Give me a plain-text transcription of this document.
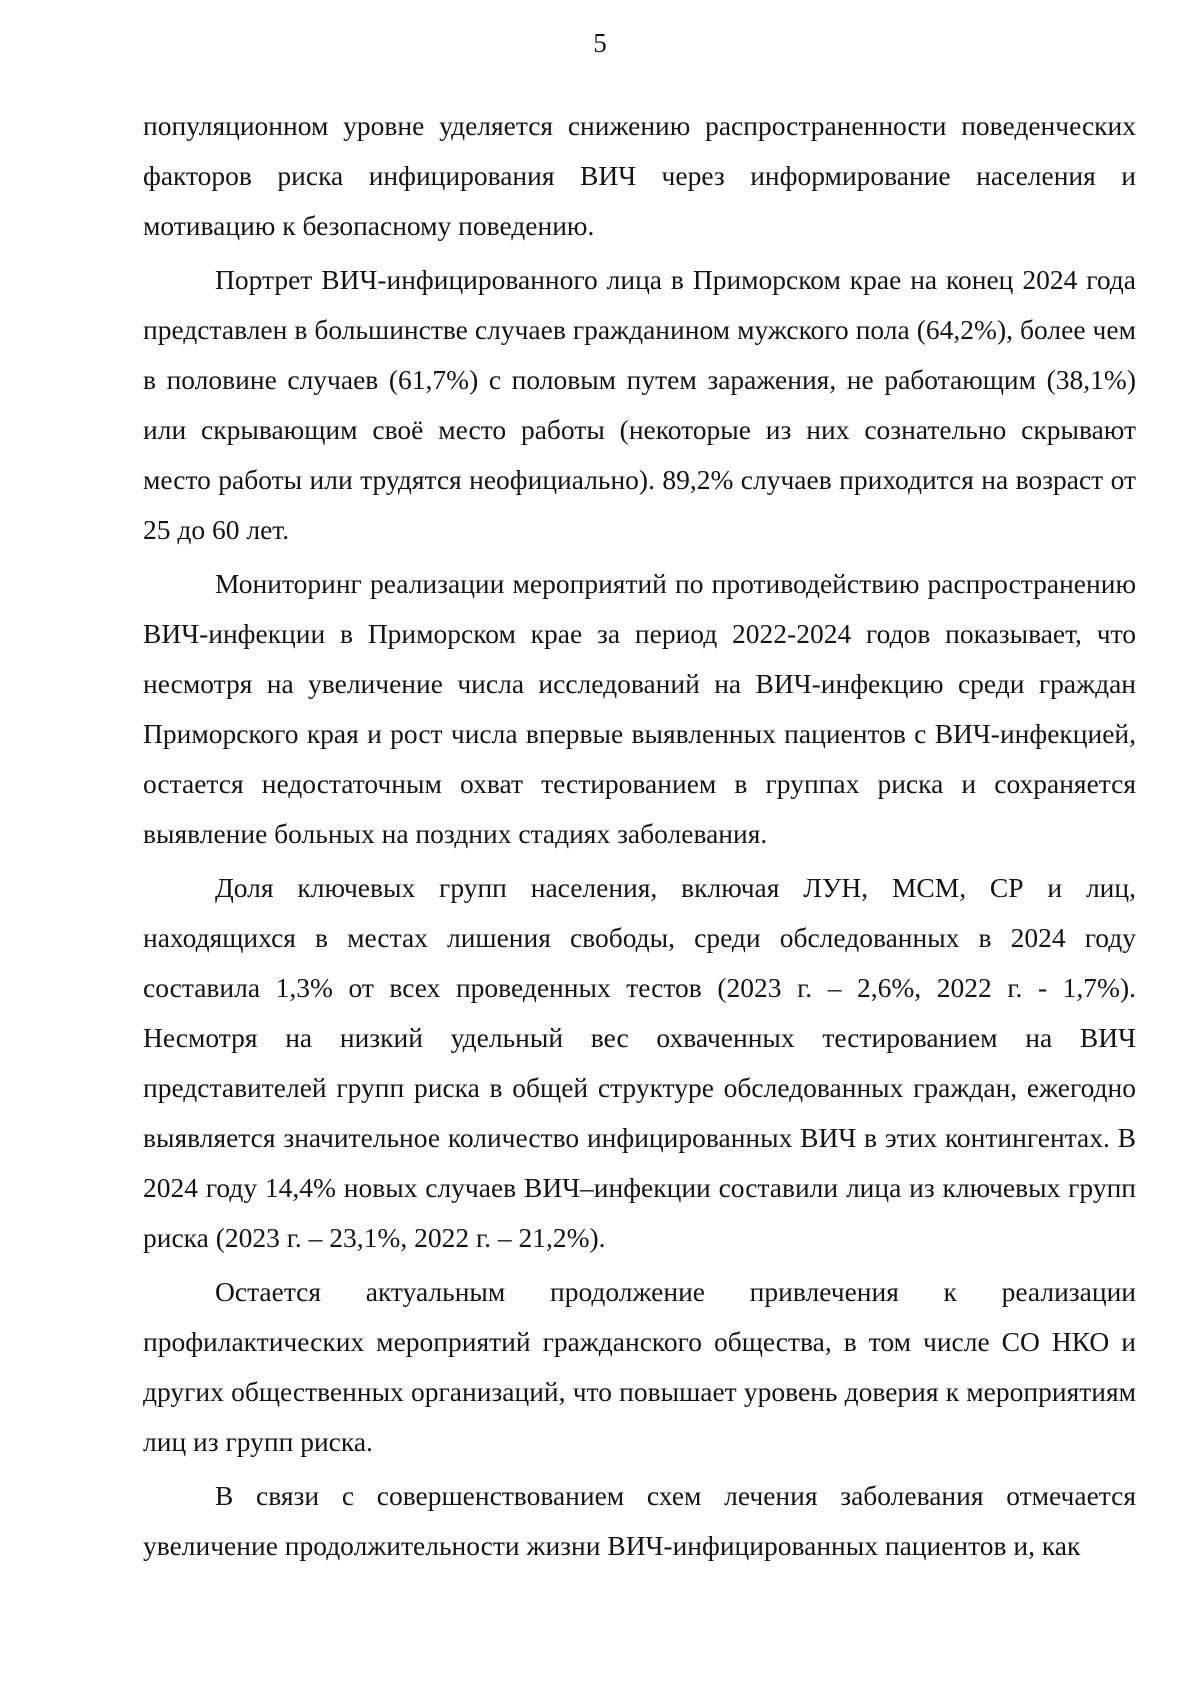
5

популяционном уровне уделяется снижению распространенности поведенческих факторов риска инфицирования ВИЧ через информирование населения и мотивацию к безопасному поведению.

Портрет ВИЧ-инфицированного лица в Приморском крае на конец 2024 года представлен в большинстве случаев гражданином мужского пола (64,2%), более чем в половине случаев (61,7%) с половым путем заражения, не работающим (38,1%) или скрывающим своё место работы (некоторые из них сознательно скрывают место работы или трудятся неофициально). 89,2% случаев приходится на возраст от 25 до 60 лет.

Мониторинг реализации мероприятий по противодействию распространению ВИЧ-инфекции в Приморском крае за период 2022-2024 годов показывает, что несмотря на увеличение числа исследований на ВИЧ-инфекцию среди граждан Приморского края и рост числа впервые выявленных пациентов с ВИЧ-инфекцией, остается недостаточным охват тестированием в группах риска и сохраняется выявление больных на поздних стадиях заболевания.

Доля ключевых групп населения, включая ЛУН, МСМ, СР и лиц, находящихся в местах лишения свободы, среди обследованных в 2024 году составила 1,3% от всех проведенных тестов (2023 г. – 2,6%, 2022 г. - 1,7%). Несмотря на низкий удельный вес охваченных тестированием на ВИЧ представителей групп риска в общей структуре обследованных граждан, ежегодно выявляется значительное количество инфицированных ВИЧ в этих контингентах. В 2024 году 14,4% новых случаев ВИЧ–инфекции составили лица из ключевых групп риска (2023 г. – 23,1%, 2022 г. – 21,2%).

Остается актуальным продолжение привлечения к реализации профилактических мероприятий гражданского общества, в том числе СО НКО и других общественных организаций, что повышает уровень доверия к мероприятиям лиц из групп риска.

В связи с совершенствованием схем лечения заболевания отмечается увеличение продолжительности жизни ВИЧ-инфицированных пациентов и, как
